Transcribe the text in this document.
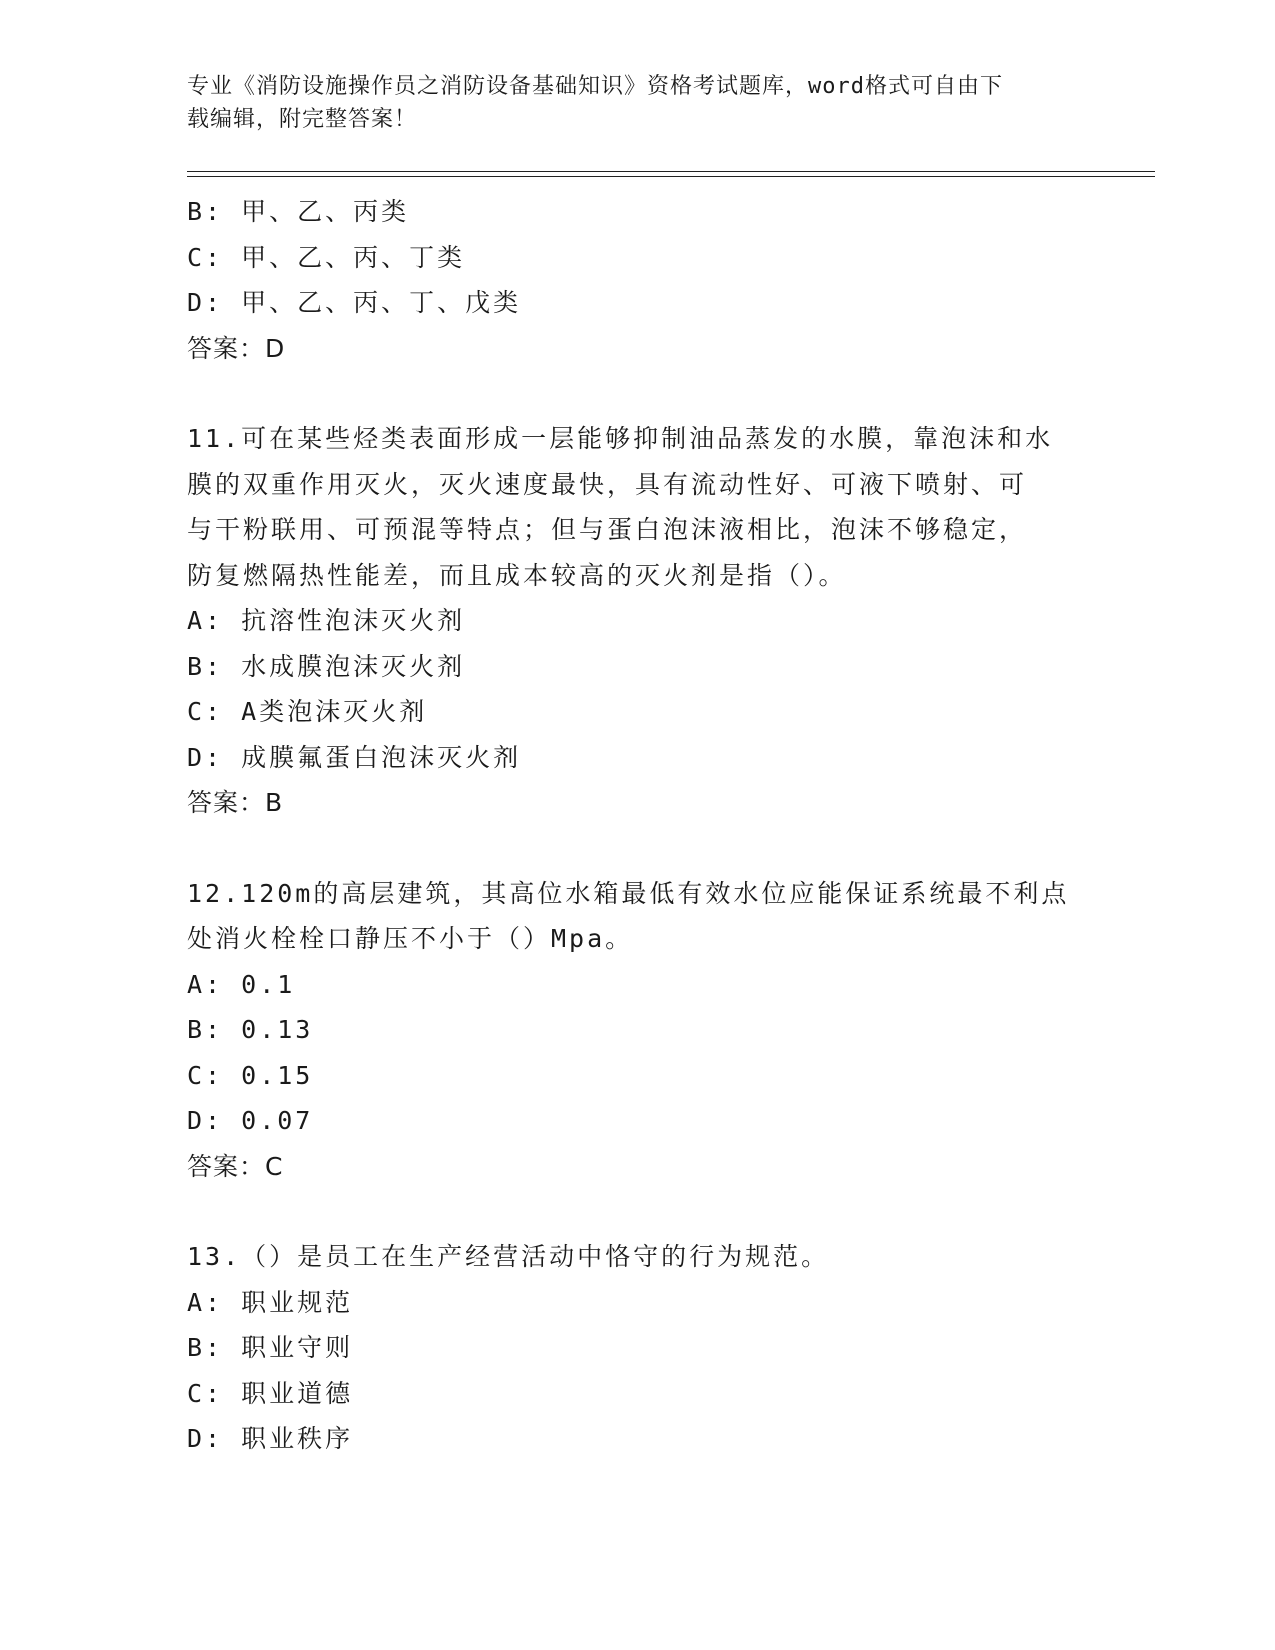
专业《消防设施操作员之消防设备基础知识》资格考试题库，word格式可自由下
载编辑，附完整答案！
B: 甲、乙、丙类
C: 甲、乙、丙、丁类
D: 甲、乙、丙、丁、戊类
答案：D
11.可在某些烃类表面形成一层能够抑制油品蒸发的水膜，靠泡沫和水
膜的双重作用灭火，灭火速度最快，具有流动性好、可液下喷射、可
与干粉联用、可预混等特点；但与蛋白泡沫液相比，泡沫不够稳定，
防复燃隔热性能差，而且成本较高的灭火剂是指（）。
A: 抗溶性泡沫灭火剂
B: 水成膜泡沫灭火剂
C: A类泡沫灭火剂
D: 成膜氟蛋白泡沫灭火剂
答案：B
12.120m的高层建筑，其高位水箱最低有效水位应能保证系统最不利点
处消火栓栓口静压不小于（）Mpa。
A: 0.1
B: 0.13
C: 0.15
D: 0.07
答案：C
13.（）是员工在生产经营活动中恪守的行为规范。
A: 职业规范
B: 职业守则
C: 职业道德
D: 职业秩序
